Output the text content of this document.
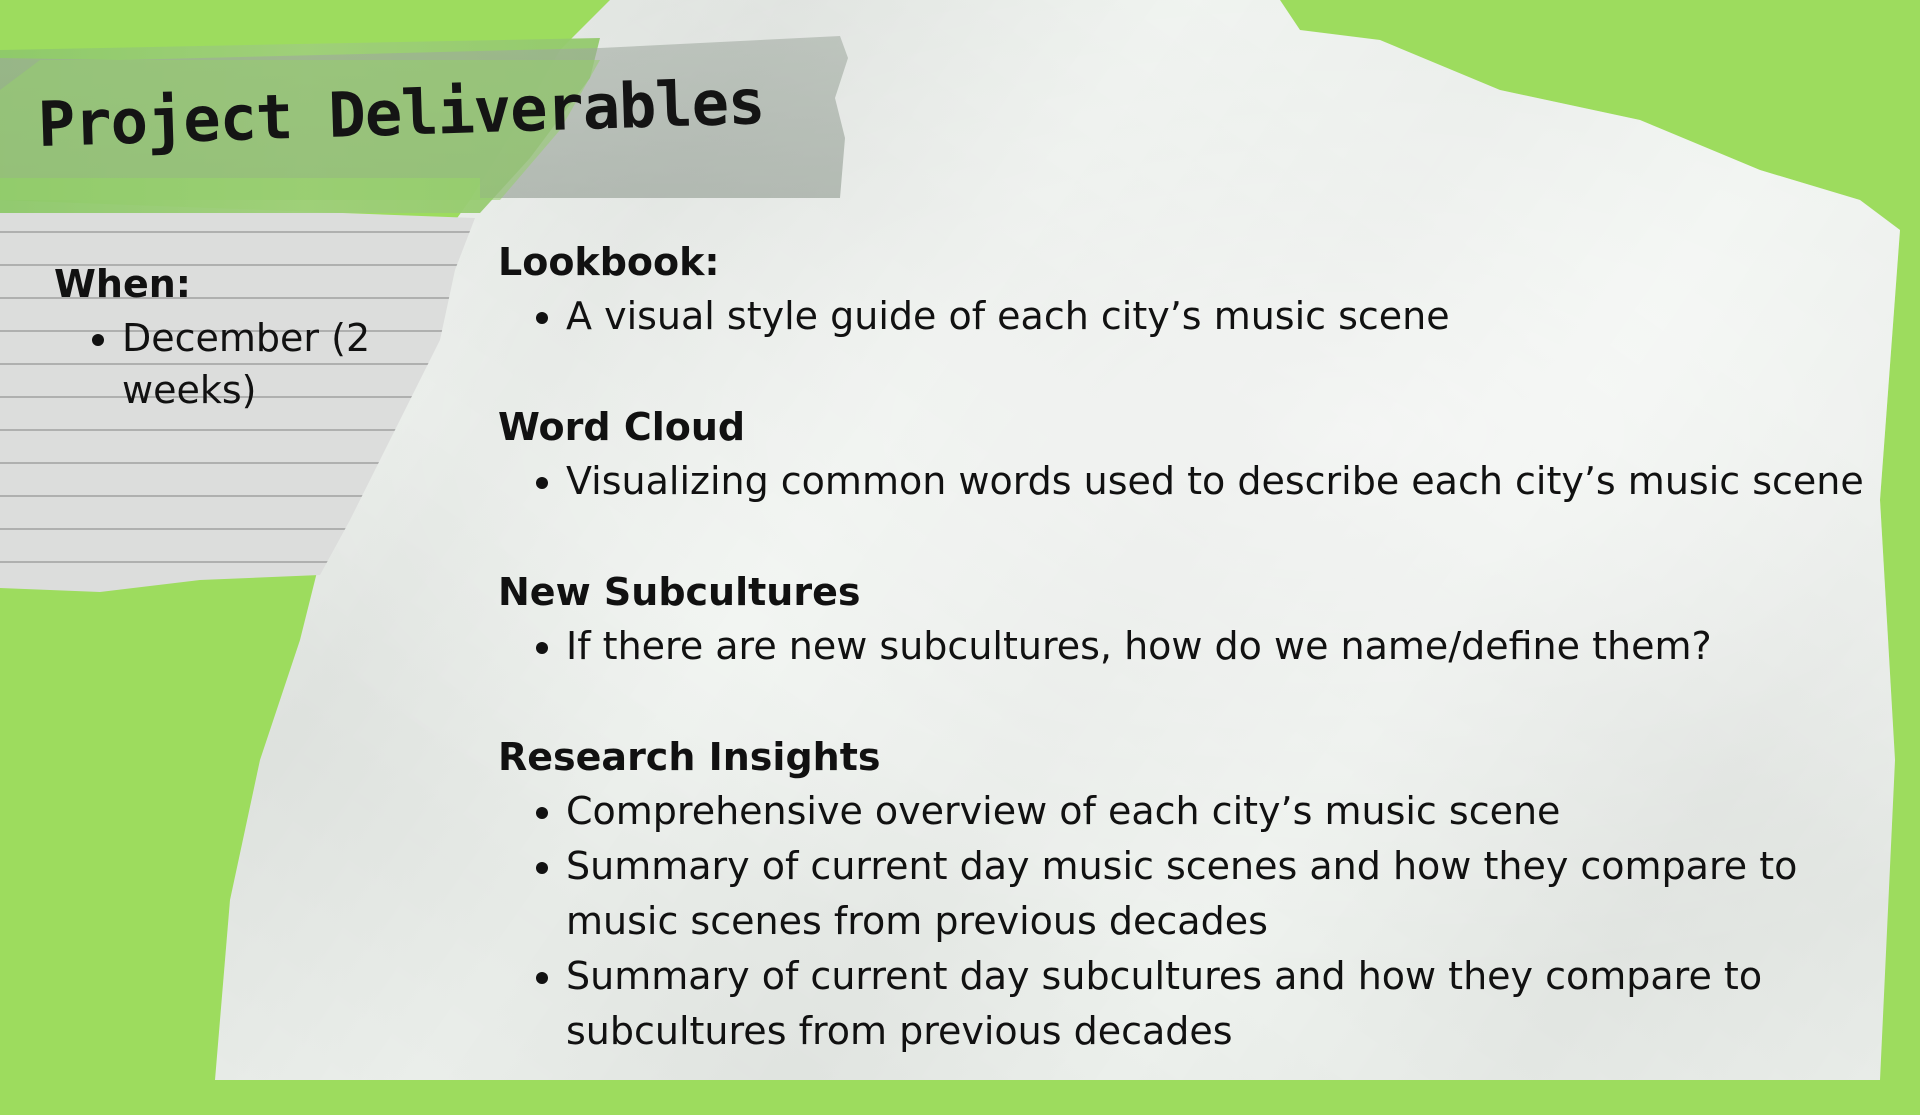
Project Deliverables

When:

• December (2 weeks)

Lookbook:

• A visual style guide of each city’s music scene

Word Cloud

• Visualizing common words used to describe each city’s music scene

New Subcultures

• If there are new subcultures, how do we name/define them?

Research Insights

• Comprehensive overview of each city’s music scene
• Summary of current day music scenes and how they compare to music scenes from previous decades
• Summary of current day subcultures and how they compare to subcultures from previous decades
